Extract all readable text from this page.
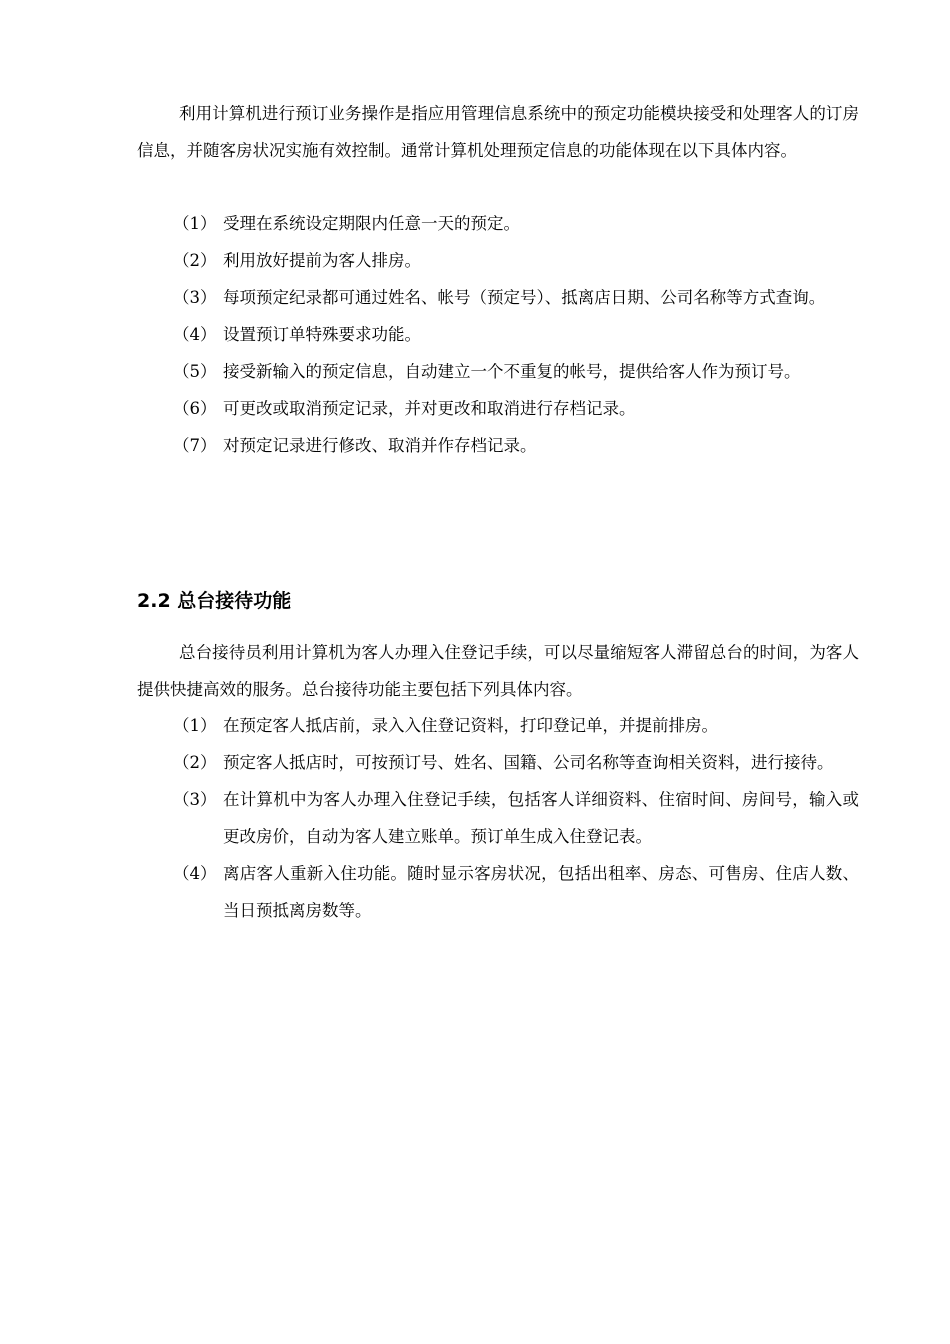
利用计算机进行预订业务操作是指应用管理信息系统中的预定功能模块接受和处理客人的订房信息，并随客房状况实施有效控制。通常计算机处理预定信息的功能体现在以下具体内容。

（1） 受理在系统设定期限内任意一天的预定。
（2） 利用放好提前为客人排房。
（3） 每项预定纪录都可通过姓名、帐号（预定号）、抵离店日期、公司名称等方式查询。
（4） 设置预订单特殊要求功能。
（5） 接受新输入的预定信息，自动建立一个不重复的帐号，提供给客人作为预订号。
（6） 可更改或取消预定记录，并对更改和取消进行存档记录。
（7） 对预定记录进行修改、取消并作存档记录。
2.2 总台接待功能

总台接待员利用计算机为客人办理入住登记手续，可以尽量缩短客人滞留总台的时间，为客人提供快捷高效的服务。总台接待功能主要包括下列具体内容。

（1） 在预定客人抵店前，录入入住登记资料，打印登记单，并提前排房。
（2） 预定客人抵店时，可按预订号、姓名、国籍、公司名称等查询相关资料，进行接待。
（3） 在计算机中为客人办理入住登记手续，包括客人详细资料、住宿时间、房间号，输入或更改房价，自动为客人建立账单。预订单生成入住登记表。
（4） 离店客人重新入住功能。随时显示客房状况，包括出租率、房态、可售房、住店人数、当日预抵离房数等。
